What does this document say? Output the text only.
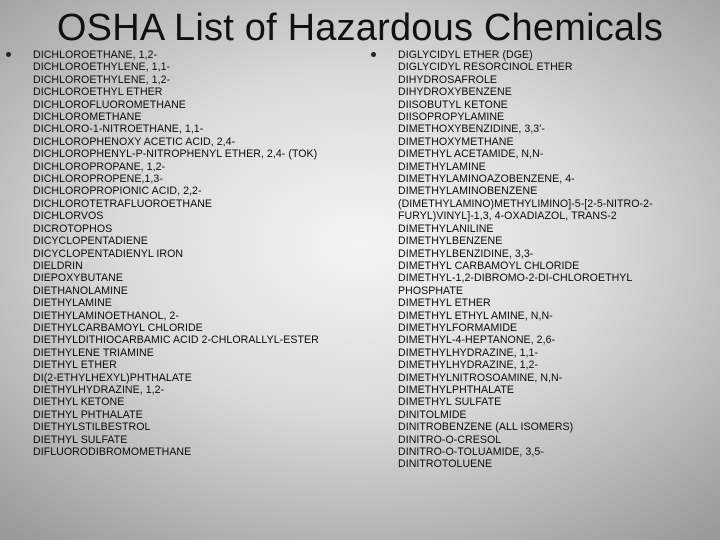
OSHA List of Hazardous Chemicals
DICHLOROETHANE, 1,2-
DICHLOROETHYLENE, 1,1-
DICHLOROETHYLENE, 1,2-
DICHLOROETHYL ETHER
DICHLOROFLUOROMETHANE
DICHLOROMETHANE
DICHLORO-1-NITROETHANE, 1,1-
DICHLOROPHENOXY ACETIC ACID, 2,4-
DICHLOROPHENYL-P-NITROPHENYL ETHER, 2,4- (TOK)
DICHLOROPROPANE, 1,2-
DICHLOROPROPENE,1,3-
DICHLOROPROPIONIC ACID, 2,2-
DICHLOROTETRAFLUOROETHANE
DICHLORVOS
DICROTOPHOS
DICYCLOPENTADIENE
DICYCLOPENTADIENYL IRON
DIELDRIN
DIEPOXYBUTANE
DIETHANOLAMINE
DIETHYLAMINE
DIETHYLAMINOETHANOL, 2-
DIETHYLCARBAMOYL CHLORIDE
DIETHYLDITHIOCARBAMIC ACID 2-CHLORALLYL-ESTER
DIETHYLENE TRIAMINE
DIETHYL ETHER
DI(2-ETHYLHEXYL)PHTHALATE
DIETHYLHYDRAZINE, 1,2-
DIETHYL KETONE
DIETHYL PHTHALATE
DIETHYLSTILBESTROL
DIETHYL SULFATE
DIFLUORODIBROMOMETHANE
DIGLYCIDYL ETHER (DGE)
DIGLYCIDYL RESORCINOL ETHER
DIHYDROSAFROLE
DIHYDROXYBENZENE
DIISOBUTYL KETONE
DIISOPROPYLAMINE
DIMETHOXYBENZIDINE, 3,3'-
DIMETHOXYMETHANE
DIMETHYL ACETAMIDE, N,N-
DIMETHYLAMINE
DIMETHYLAMINOAZOBENZENE, 4-
DIMETHYLAMINOBENZENE
(DIMETHYLAMINO)METHYLIMINO]-5-[2-5-NITRO-2-
FURYL)VINYL]-1,3, 4-OXADIAZOL, TRANS-2
DIMETHYLANILINE
DIMETHYLBENZENE
DIMETHYLBENZIDINE, 3,3-
DIMETHYL CARBAMOYL CHLORIDE
DIMETHYL-1,2-DIBROMO-2-DI-CHLOROETHYL
PHOSPHATE
DIMETHYL ETHER
DIMETHYL ETHYL AMINE, N,N-
DIMETHYLFORMAMIDE
DIMETHYL-4-HEPTANONE, 2,6-
DIMETHYLHYDRAZINE, 1,1-
DIMETHYLHYDRAZINE, 1,2-
DIMETHYLNITROSOAMINE, N,N-
DIMETHYLPHTHALATE
DIMETHYL SULFATE
DINITOLMIDE
DINITROBENZENE (ALL ISOMERS)
DINITRO-O-CRESOL
DINITRO-O-TOLUAMIDE, 3,5-
DINITROTOLUENE
